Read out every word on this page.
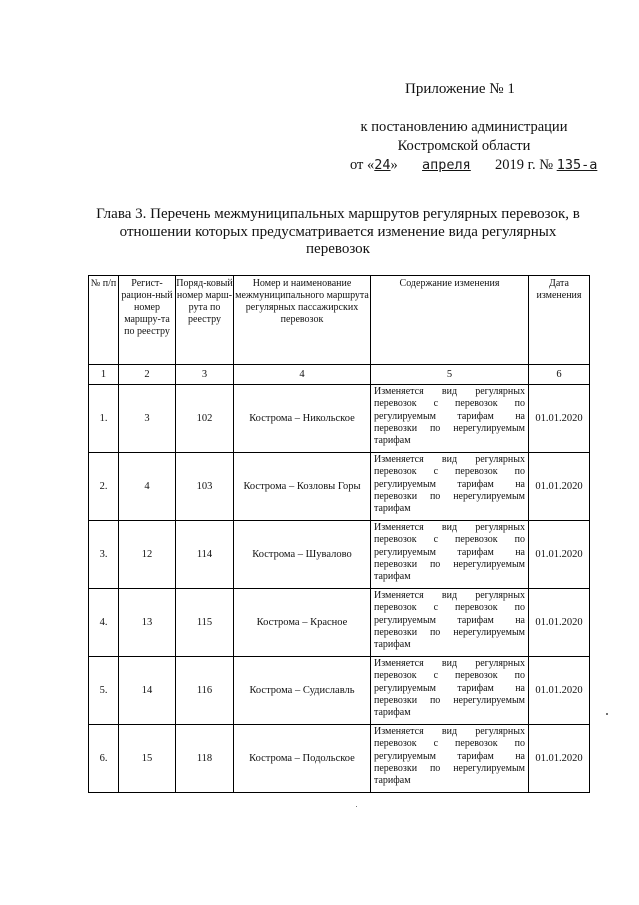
Приложение № 1
к постановлению администрации
Костромской области
от «24» апреля 2019 г. № 135-а
Глава 3. Перечень межмуниципальных маршрутов регулярных перевозок, в отношении которых предусматривается изменение вида регулярных перевозок
№ п/п	Регист-рацион-ный номер маршру-та по реестру	Поряд-ковый номер марш-рута по реестру	Номер и наименование межмуниципального маршрута регулярных пассажирских перевозок	Содержание изменения	Дата изменения
1	2	3	4	5	6
1.	3	102	Кострома – Никольское	Изменяется вид регулярных перевозок с перевозок по регулируемым тарифам на перевозки по нерегулируемым тарифам	01.01.2020
2.	4	103	Кострома – Козловы Горы	Изменяется вид регулярных перевозок с перевозок по регулируемым тарифам на перевозки по нерегулируемым тарифам	01.01.2020
3.	12	114	Кострома – Шувалово	Изменяется вид регулярных перевозок с перевозок по регулируемым тарифам на перевозки по нерегулируемым тарифам	01.01.2020
4.	13	115	Кострома – Красное	Изменяется вид регулярных перевозок с перевозок по регулируемым тарифам на перевозки по нерегулируемым тарифам	01.01.2020
5.	14	116	Кострома – Судиславль	Изменяется вид регулярных перевозок с перевозок по регулируемым тарифам на перевозки по нерегулируемым тарифам	01.01.2020
6.	15	118	Кострома – Подольское	Изменяется вид регулярных перевозок с перевозок по регулируемым тарифам на перевозки по нерегулируемым тарифам	01.01.2020
